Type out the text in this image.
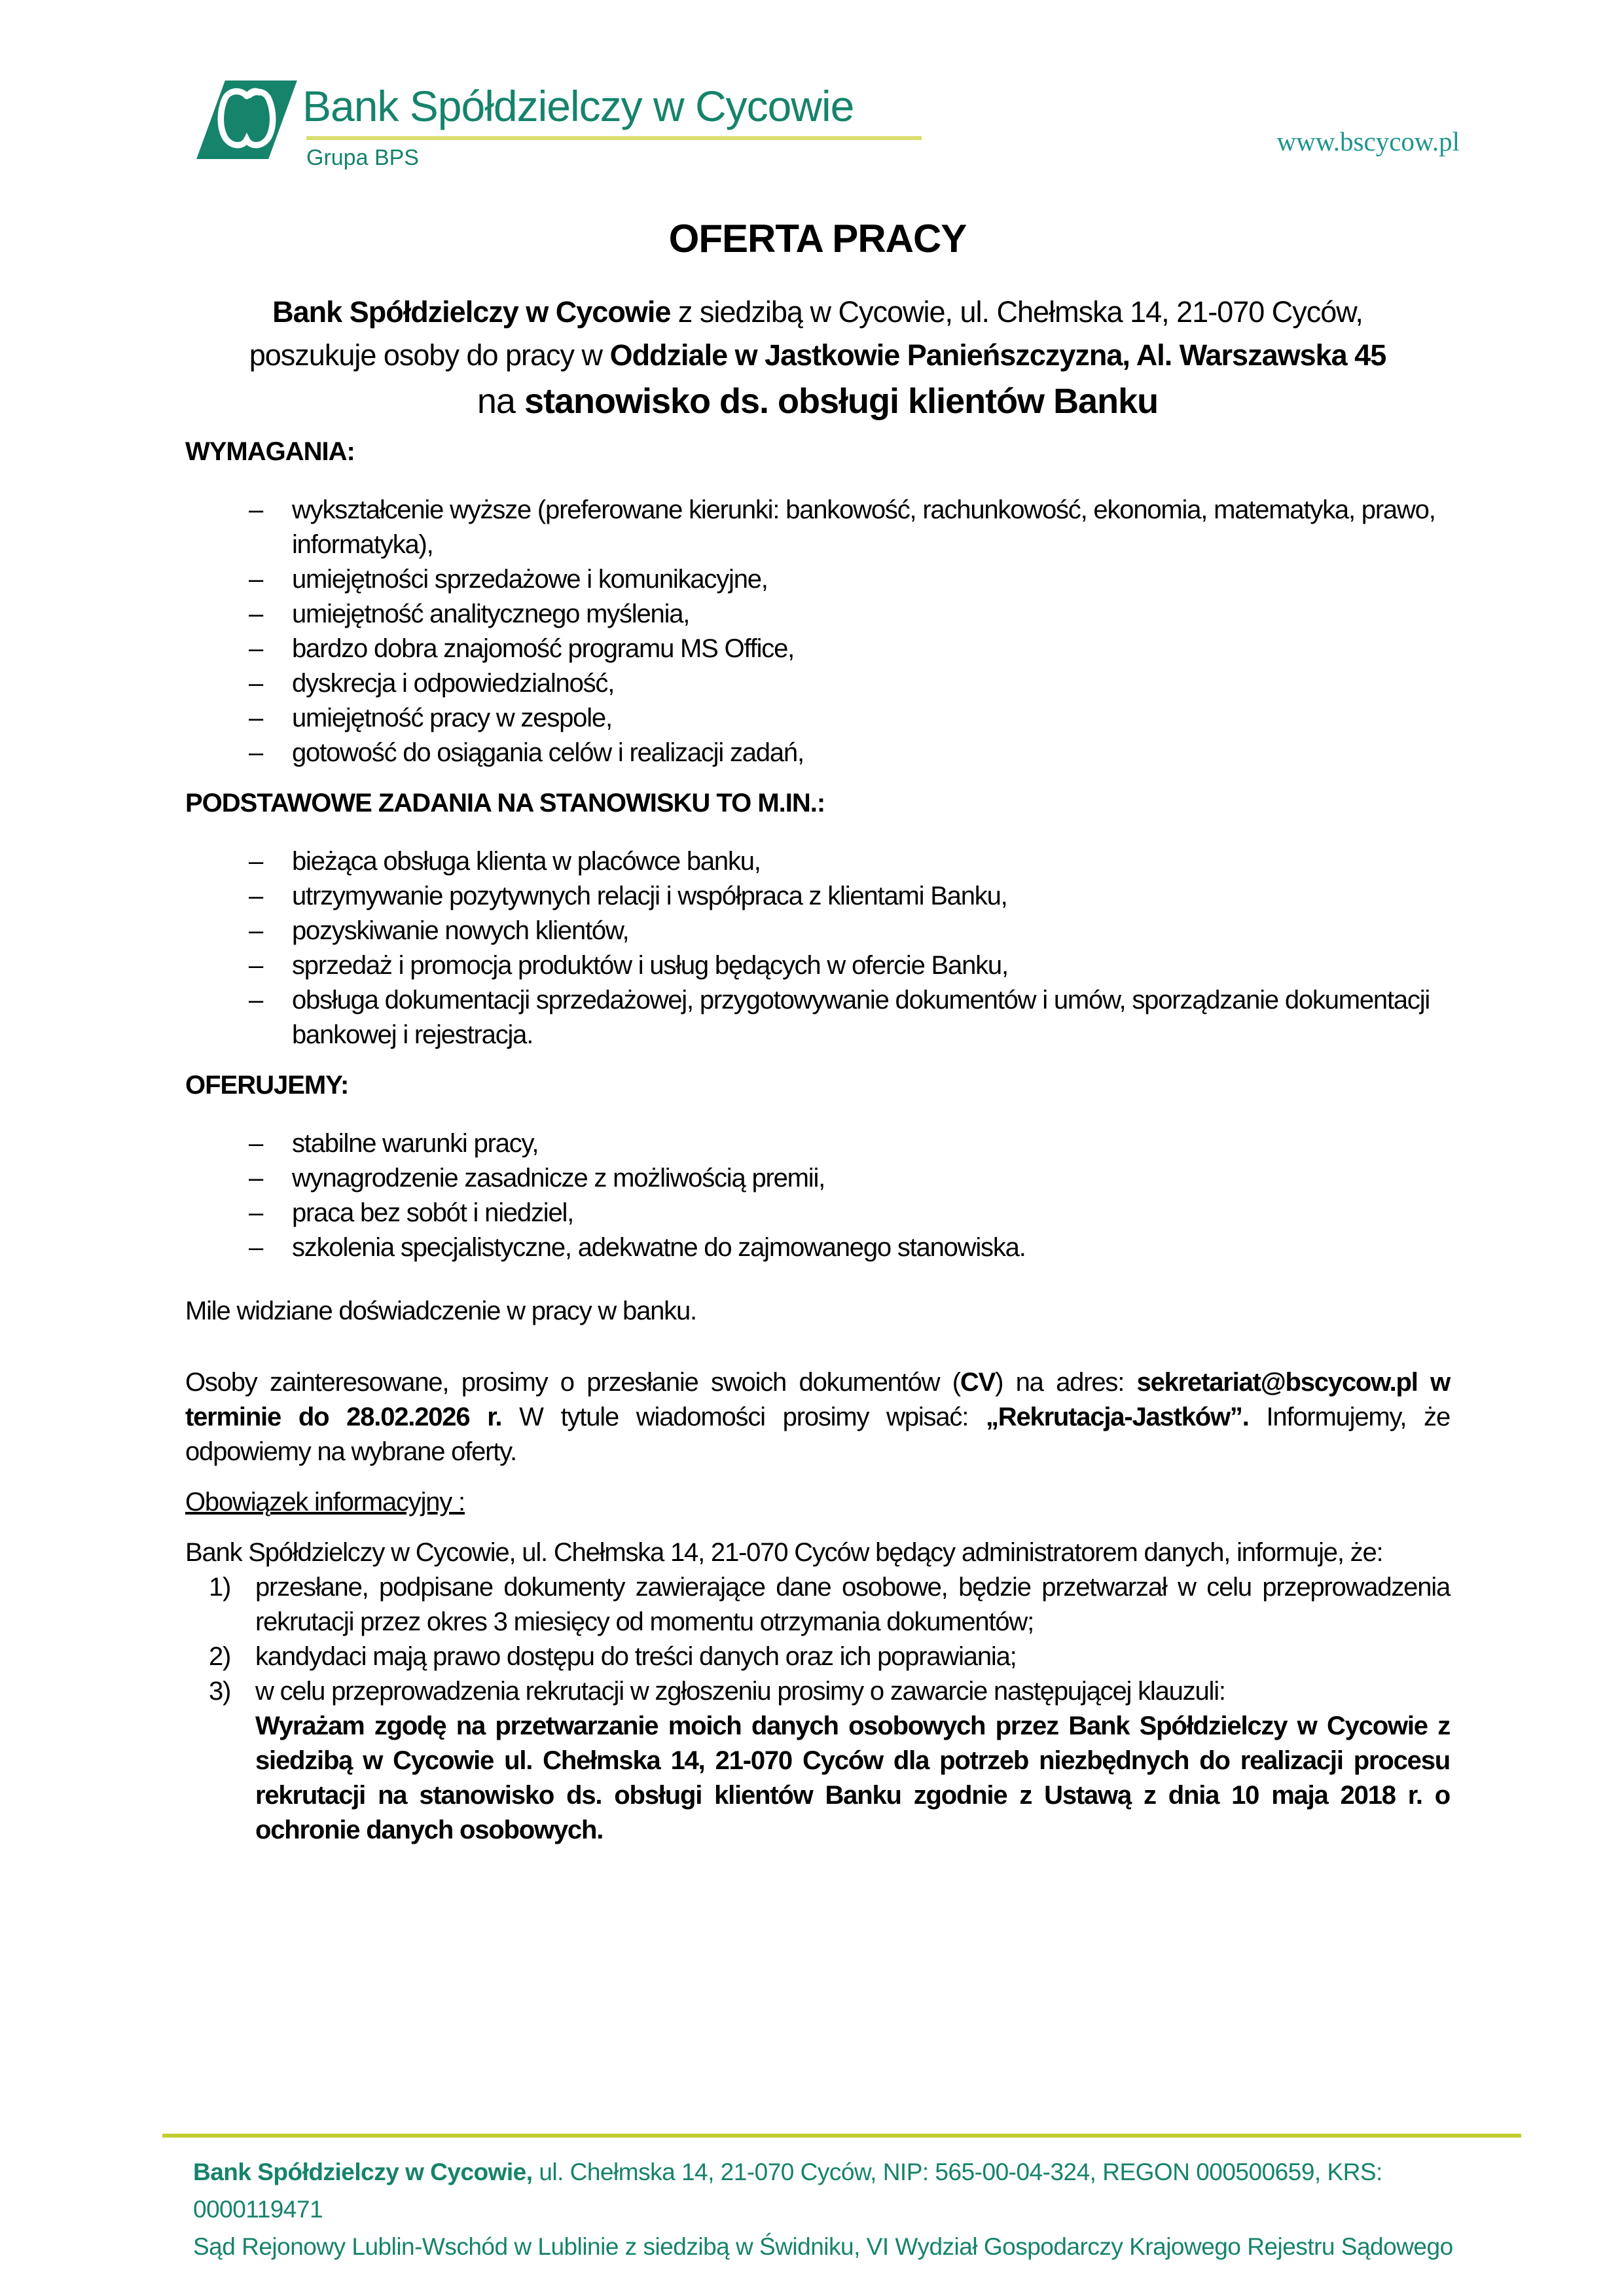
Bank Spółdzielczy w Cycowie
Grupa BPS
www.bscycow.pl
OFERTA PRACY

Bank Spółdzielczy w Cycowie z siedzibą w Cycowie, ul. Chełmska 14, 21-070 Cyców,

poszukuje osoby do pracy w Oddziale w Jastkowie Panieńszczyzna, Al. Warszawska 45

na stanowisko ds. obsługi klientów Banku

WYMAGANIA:
–	wykształcenie wyższe (preferowane kierunki: bankowość, rachunkowość, ekonomia, matematyka, prawo, informatyka),
–	umiejętności sprzedażowe i komunikacyjne,
–	umiejętność analitycznego myślenia,
–	bardzo dobra znajomość programu MS Office,
–	dyskrecja i odpowiedzialność,
–	umiejętność pracy w zespole,
–	gotowość do osiągania celów i realizacji zadań,
PODSTAWOWE ZADANIA NA STANOWISKU TO M.IN.:
–	bieżąca obsługa klienta w placówce banku,
–	utrzymywanie pozytywnych relacji i współpraca z klientami Banku,
–	pozyskiwanie nowych klientów,
–	sprzedaż i promocja produktów i usług będących w ofercie Banku,
–	obsługa dokumentacji sprzedażowej, przygotowywanie dokumentów i umów, sporządzanie dokumentacji bankowej i rejestracja.
OFERUJEMY:
–	stabilne warunki pracy,
–	wynagrodzenie zasadnicze z możliwością premii,
–	praca bez sobót i niedziel,
–	szkolenia specjalistyczne, adekwatne do zajmowanego stanowiska.

Mile widziane doświadczenie w pracy w banku.

Osoby zainteresowane, prosimy o przesłanie swoich dokumentów (CV) na adres: sekretariat@bscycow.pl w terminie do 28.02.2026 r. W tytule wiadomości prosimy wpisać: „Rekrutacja-Jastków”. Informujemy, że odpowiemy na wybrane oferty.

Obowiązek informacyjny :

Bank Spółdzielczy w Cycowie, ul. Chełmska 14, 21-070 Cyców będący administratorem danych, informuje, że:

1) przesłane, podpisane dokumenty zawierające dane osobowe, będzie przetwarzał w celu przeprowadzenia rekrutacji przez okres 3 miesięcy od momentu otrzymania dokumentów;
2) kandydaci mają prawo dostępu do treści danych oraz ich poprawiania;
3) w celu przeprowadzenia rekrutacji w zgłoszeniu prosimy o zawarcie następującej klauzuli:

Wyrażam zgodę na przetwarzanie moich danych osobowych przez Bank Spółdzielczy w Cycowie z siedzibą w Cycowie ul. Chełmska 14, 21-070 Cyców dla potrzeb niezbędnych do realizacji procesu rekrutacji na stanowisko ds. obsługi klientów Banku zgodnie z Ustawą z dnia 10 maja 2018 r. o ochronie danych osobowych.

Bank Spółdzielczy w Cycowie, ul. Chełmska 14, 21-070 Cyców, NIP: 565-00-04-324, REGON 000500659, KRS: 0000119471

Sąd Rejonowy Lublin-Wschód w Lublinie z siedzibą w Świdniku, VI Wydział Gospodarczy Krajowego Rejestru Sądowego
